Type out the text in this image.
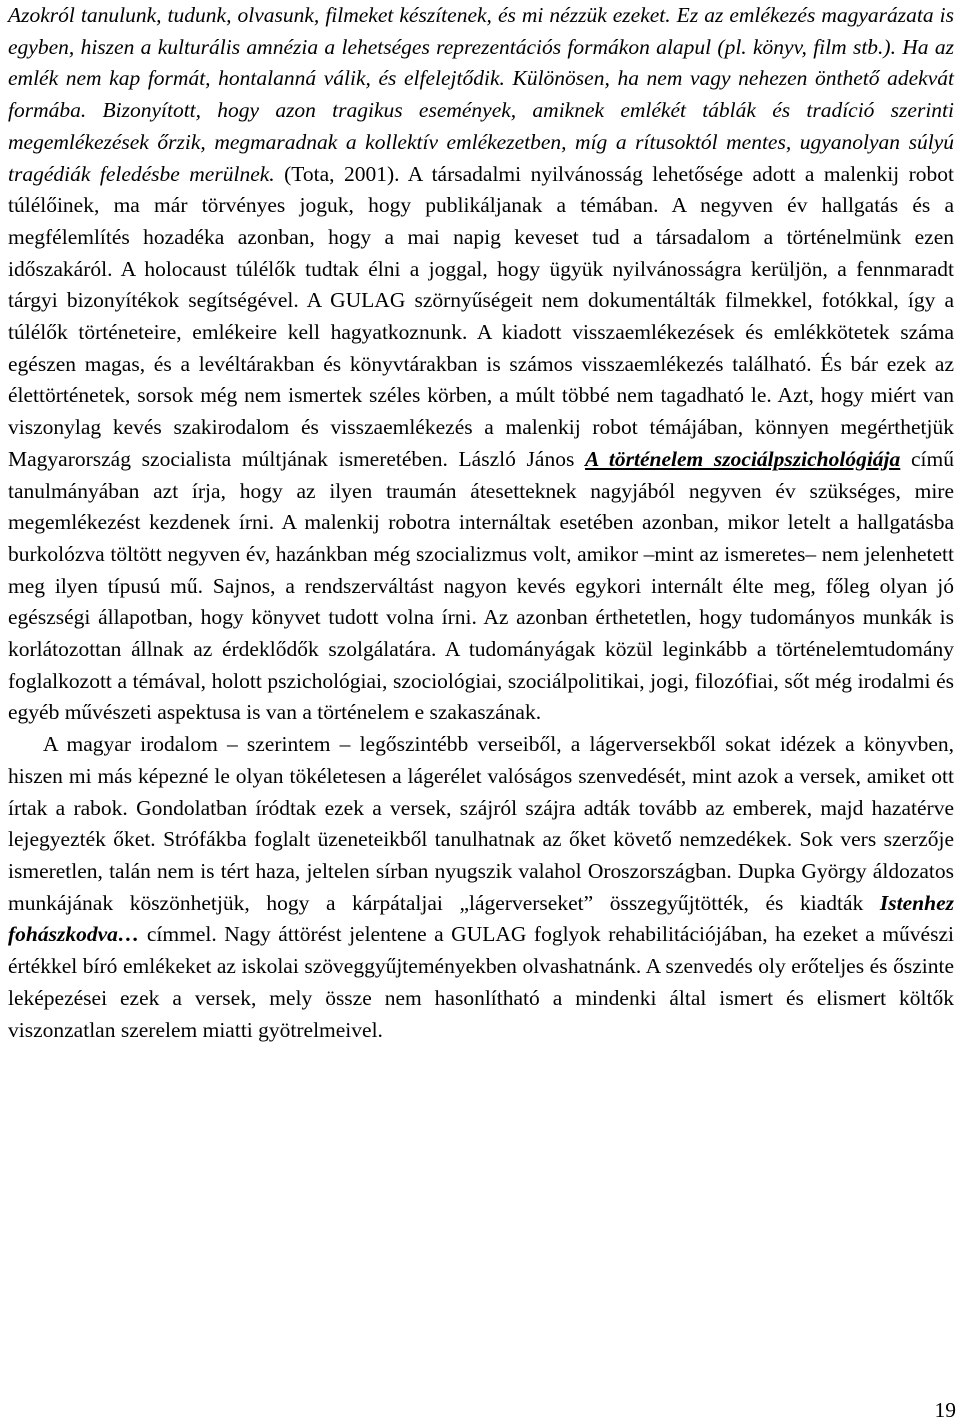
Azokról tanulunk, tudunk, olvasunk, filmeket készítenek, és mi nézzük ezeket. Ez az emlékezés magyarázata is egyben, hiszen a kulturális amnézia a lehetséges reprezentációs formákon alapul (pl. könyv, film stb.). Ha az emlék nem kap formát, hontalanná válik, és elfelejtődik. Különösen, ha nem vagy nehezen önthető adekvát formába. Bizonyított, hogy azon tragikus események, amiknek emlékét táblák és tradíció szerinti megemlékezések őrzik, megmaradnak a kollektív emlékezetben, míg a rítusoktól mentes, ugyanolyan súlyú tragédiák feledésbe merülnek. (Tota, 2001). A társadalmi nyilvánosság lehetősége adott a malenkij robot túlélőinek, ma már törvényes joguk, hogy publikáljanak a témában. A negyven év hallgatás és a megfélemlítés hozadéka azonban, hogy a mai napig keveset tud a társadalom a történelmünk ezen időszakáról. A holocaust túlélők tudtak élni a joggal, hogy ügyük nyilvánosságra kerüljön, a fennmaradt tárgyi bizonyítékok segítségével. A GULAG szörnyűségeit nem dokumentálták filmekkel, fotókkal, így a túlélők történeteire, emlékeire kell hagyatkoznunk. A kiadott visszaemlékezések és emlékkötetek száma egészen magas, és a levéltárakban és könyvtárakban is számos visszaemlékezés található. És bár ezek az élettörténetek, sorsok még nem ismertek széles körben, a múlt többé nem tagadható le. Azt, hogy miért van viszonylag kevés szakirodalom és visszaemlékezés a malenkij robot témájában, könnyen megérthetjük Magyarország szocialista múltjának ismeretében. László János A történelem szociálpszichológiája című tanulmányában azt írja, hogy az ilyen traumán átesetteknek nagyjából negyven év szükséges, mire megemlékezést kezdenek írni. A malenkij robotra internáltak esetében azonban, mikor letelt a hallgatásba burkolózva töltött negyven év, hazánkban még szocializmus volt, amikor –mint az ismeretes– nem jelenhetett meg ilyen típusú mű. Sajnos, a rendszerváltást nagyon kevés egykori internált élte meg, főleg olyan jó egészségi állapotban, hogy könyvet tudott volna írni. Az azonban érthetetlen, hogy tudományos munkák is korlátozottan állnak az érdeklődők szolgálatára. A tudományágak közül leginkább a történelemtudomány foglalkozott a témával, holott pszichológiai, szociológiai, szociálpolitikai, jogi, filozófiai, sőt még irodalmi és egyéb művészeti aspektusa is van a történelem e szakaszának.

A magyar irodalom – szerintem – legőszintébb verseiből, a lágerversekből sokat idézek a könyvben, hiszen mi más képezné le olyan tökéletesen a lágerélet valóságos szenvedését, mint azok a versek, amiket ott írtak a rabok. Gondolatban íródtak ezek a versek, szájról szájra adták tovább az emberek, majd hazatérve lejegyezték őket. Strófákba foglalt üzeneteikből tanulhatnak az őket követő nemzedékek. Sok vers szerzője ismeretlen, talán nem is tért haza, jeltelen sírban nyugszik valahol Oroszországban. Dupka György áldozatos munkájának köszönhetjük, hogy a kárpátaljai „lágerverseket” összegyűjtötték, és kiadták Istenhez fohászkodva… címmel. Nagy áttörést jelentene a GULAG foglyok rehabilitációjában, ha ezeket a művészi értékkel bíró emlékeket az iskolai szöveggyűjteményekben olvashatnánk. A szenvedés oly erőteljes és őszinte leképezései ezek a versek, mely össze nem hasonlítható a mindenki által ismert és elismert költők viszonzatlan szerelem miatti gyötrelmeivel.

19
